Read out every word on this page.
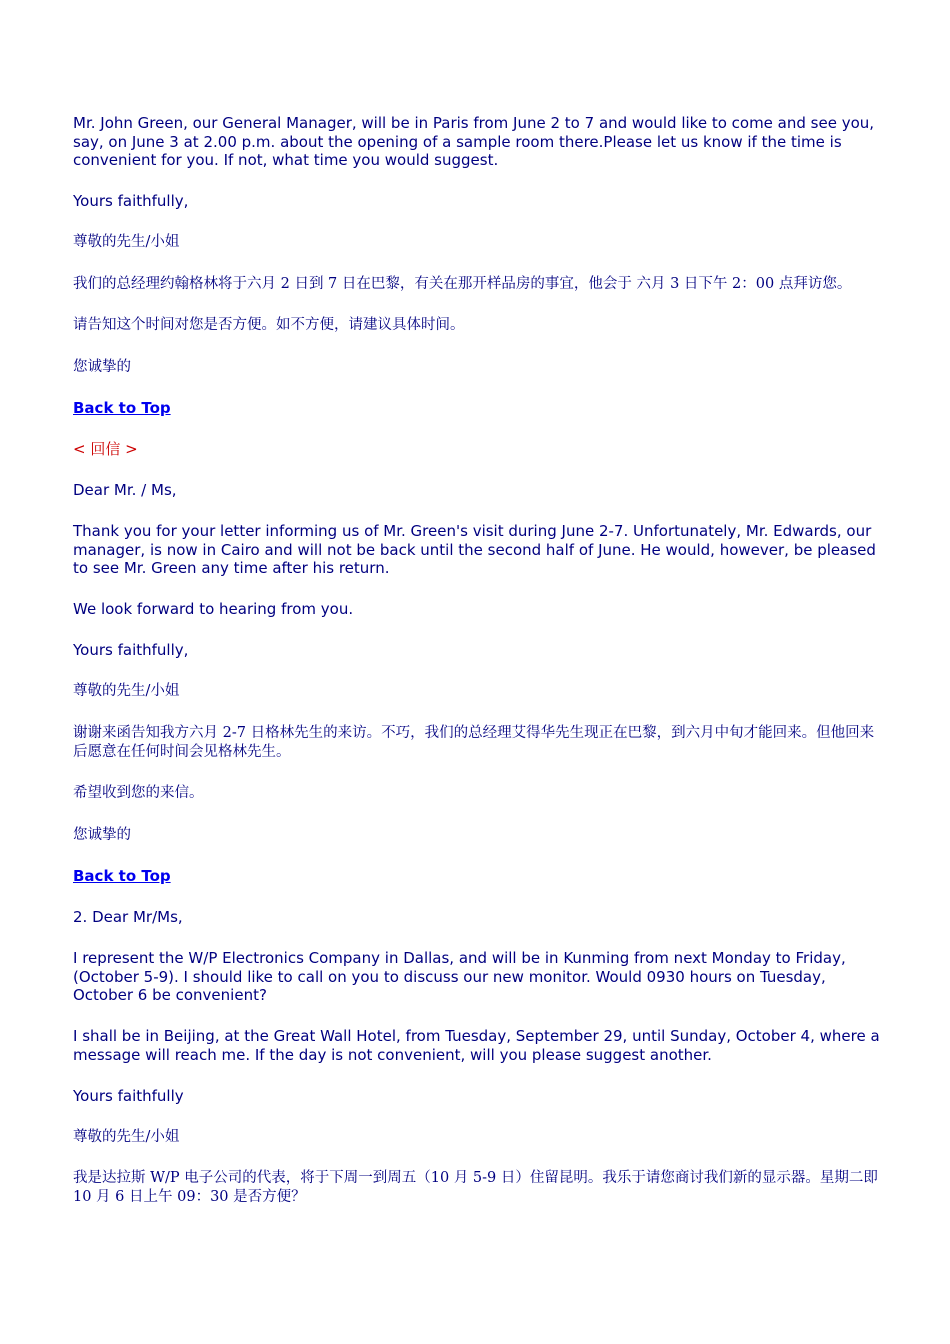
Mr. John Green, our General Manager, will be in Paris from June 2 to 7 and would like to come and see you, say, on June 3 at 2.00 p.m. about the opening of a sample room there.Please let us know if the time is convenient for you. If not, what time you would suggest.

Yours faithfully,

尊敬的先生/小姐

我们的总经理约翰格林将于六月 2 日到 7 日在巴黎，有关在那开样品房的事宜，他会于 六月 3 日下午 2：00 点拜访您。

请告知这个时间对您是否方便。如不方便，请建议具体时间。

您诚挚的

Back to Top

< 回信 >

Dear Mr. / Ms,

Thank you for your letter informing us of Mr. Green's visit during June 2-7. Unfortunately, Mr. Edwards, our manager, is now in Cairo and will not be back until the second half of June. He would, however, be pleased to see Mr. Green any time after his return.

We look forward to hearing from you.

Yours faithfully,

尊敬的先生/小姐

谢谢来函告知我方六月 2-7 日格林先生的来访。不巧，我们的总经理艾得华先生现正在巴黎，到六月中旬才能回来。但他回来后愿意在任何时间会见格林先生。

希望收到您的来信。

您诚挚的

Back to Top

2. Dear Mr/Ms,

I represent the W/P Electronics Company in Dallas, and will be in Kunming from next Monday to Friday, (October 5-9). I should like to call on you to discuss our new monitor. Would 0930 hours on Tuesday, October 6 be convenient?

I shall be in Beijing, at the Great Wall Hotel, from Tuesday, September 29, until Sunday, October 4, where a message will reach me. If the day is not convenient, will you please suggest another.

Yours faithfully

尊敬的先生/小姐

我是达拉斯 W/P 电子公司的代表，将于下周一到周五（10 月 5-9 日）住留昆明。我乐于请您商讨我们新的显示器。星期二即 10 月 6 日上午 09：30 是否方便？
